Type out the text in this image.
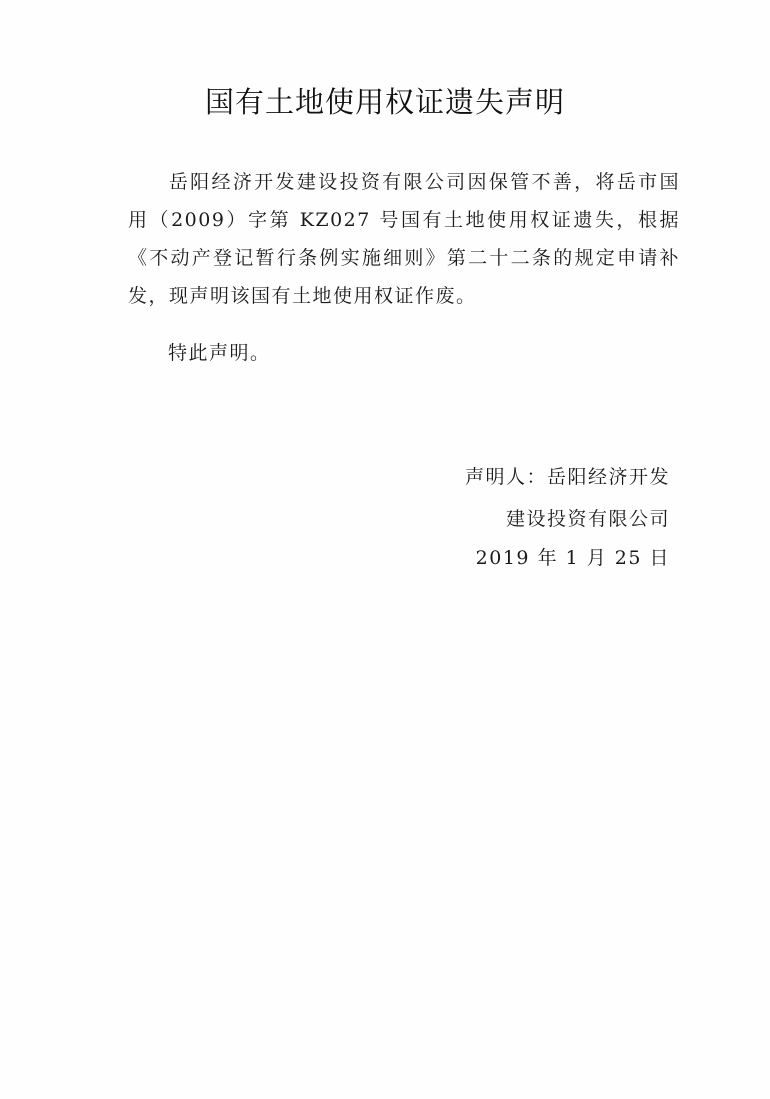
国有土地使用权证遗失声明

岳阳经济开发建设投资有限公司因保管不善，将岳市国用（2009）字第 KZ027 号国有土地使用权证遗失，根据《不动产登记暂行条例实施细则》第二十二条的规定申请补发，现声明该国有土地使用权证作废。

特此声明。

声明人：岳阳经济开发

建设投资有限公司

2019 年 1 月 25 日
